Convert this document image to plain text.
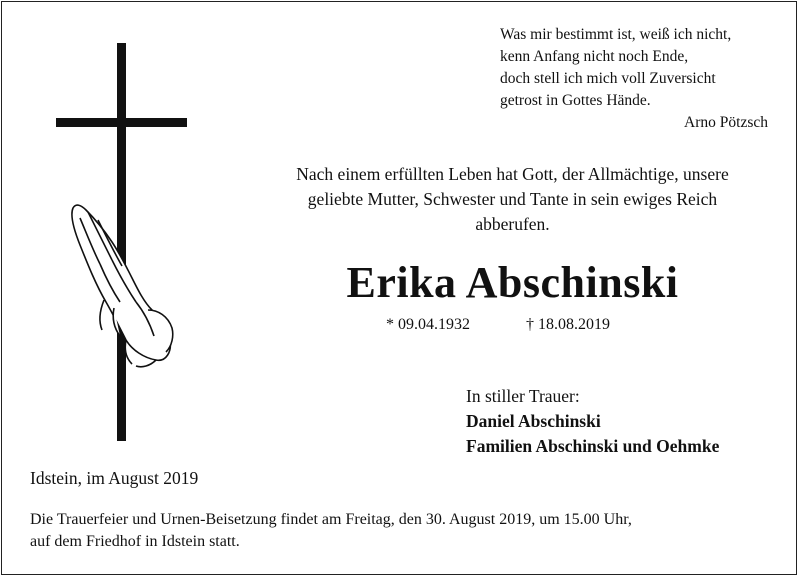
Was mir bestimmt ist, weiß ich nicht,
kenn Anfang nicht noch Ende,
doch stell ich mich voll Zuversicht
getrost in Gottes Hände.
Arno Pötzsch
Nach einem erfüllten Leben hat Gott, der Allmächtige, unsere
geliebte Mutter, Schwester und Tante in sein ewiges Reich
abberufen.
Erika Abschinski
* 09.04.1932	† 18.08.2019
In stiller Trauer:
Daniel Abschinski
Familien Abschinski und Oehmke
Idstein, im August 2019
Die Trauerfeier und Urnen-Beisetzung findet am Freitag, den 30. August 2019, um 15.00 Uhr,
auf dem Friedhof in Idstein statt.
